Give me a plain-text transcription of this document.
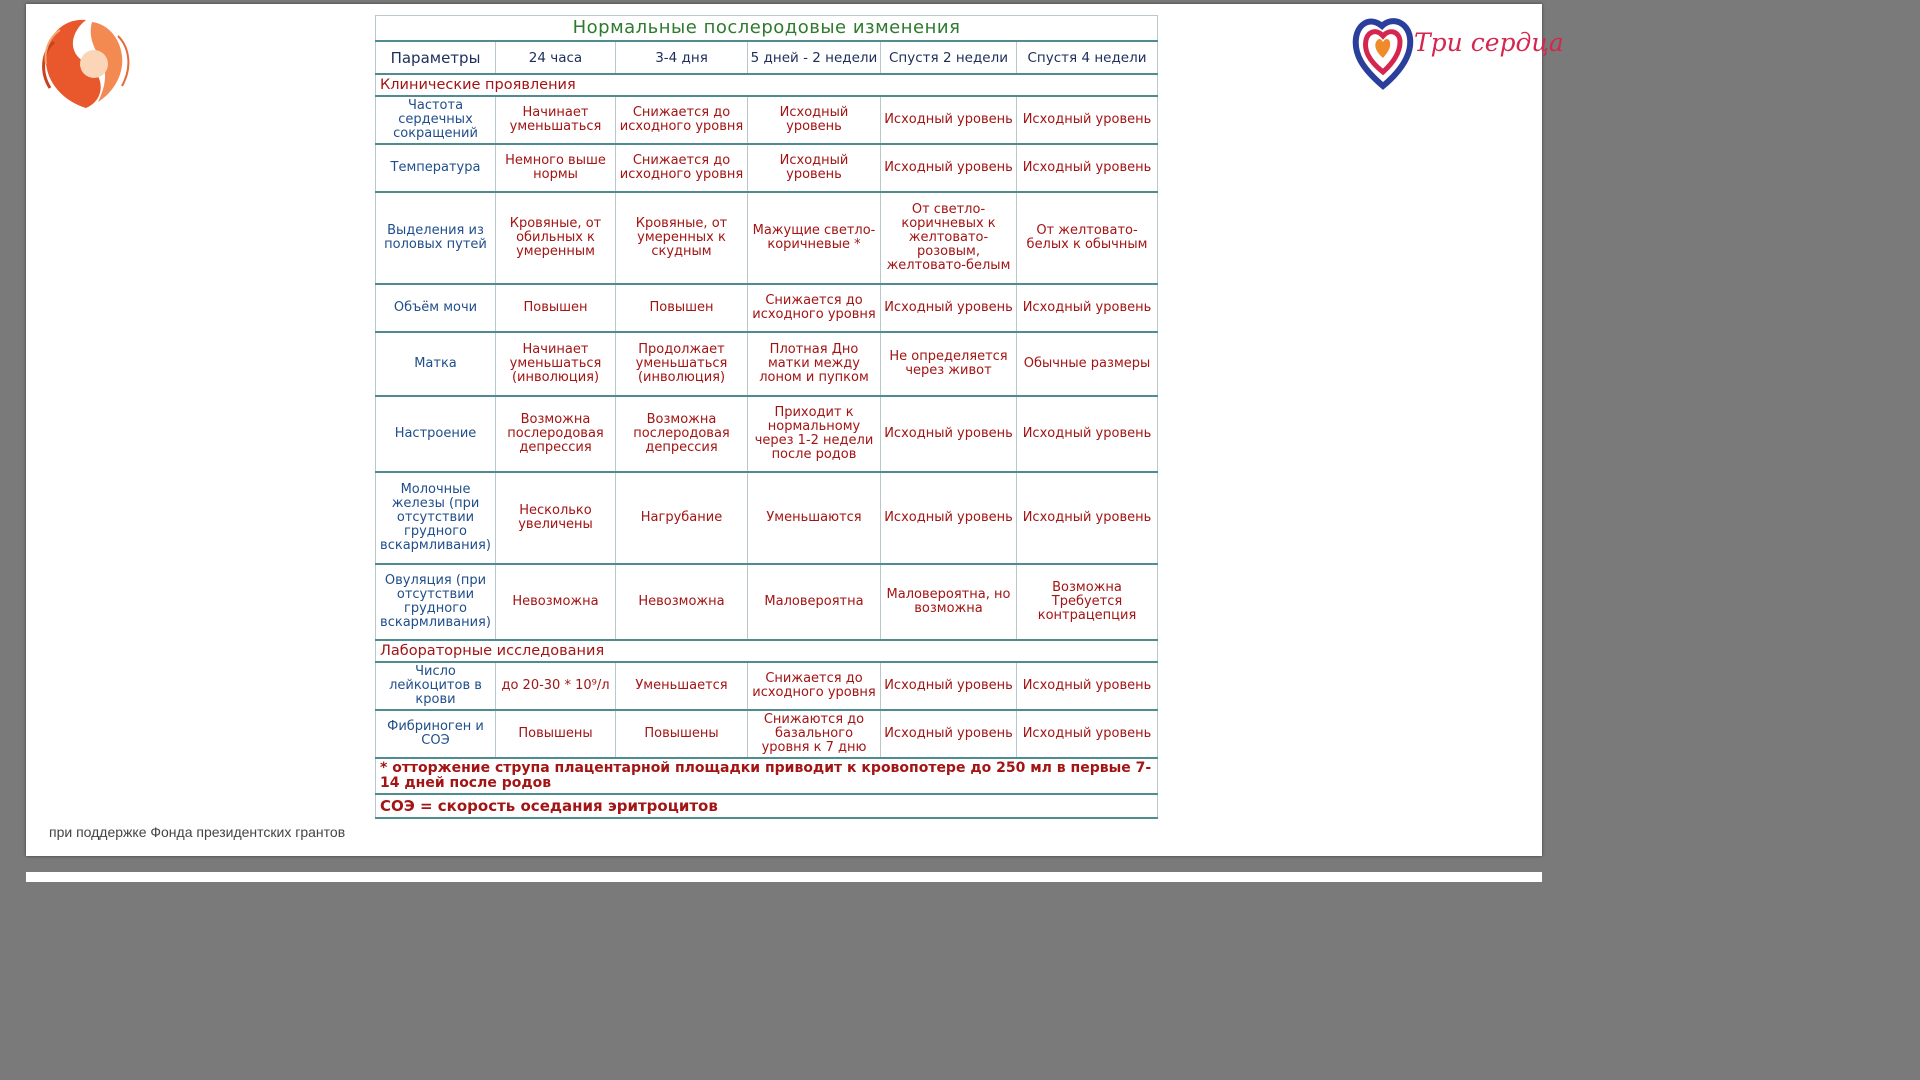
Три сердца
Нормальные послеродовые изменения					
Параметры	24 часа	3-4 дня	5 дней - 2 недели	Спустя 2 недели	Спустя 4 недели
Клинические проявления					
Частота сердечных сокращений	Начинает уменьшаться	Снижается до исходного уровня	Исходный уровень	Исходный уровень	Исходный уровень
Температура	Немного выше нормы	Снижается до исходного уровня	Исходный уровень	Исходный уровень	Исходный уровень
Выделения из половых путей	Кровяные, от обильных к умеренным	Кровяные, от умеренных к скудным	Мажущие светло-коричневые *	От светло-коричневых к желтовато-розовым, желтовато-белым	От желтовато-белых к обычным
Объём мочи	Повышен	Повышен	Снижается до исходного уровня	Исходный уровень	Исходный уровень
Матка	Начинает уменьшаться (инволюция)	Продолжает уменьшаться (инволюция)	Плотная Дно матки между лоном и пупком	Не определяется через живот	Обычные размеры
Настроение	Возможна послеродовая депрессия	Возможна послеродовая депрессия	Приходит к нормальному через 1-2 недели после родов	Исходный уровень	Исходный уровень
Молочные железы (при отсутствии грудного вскармливания)	Несколько увеличены	Нагрубание	Уменьшаются	Исходный уровень	Исходный уровень
Овуляция (при отсутствии грудного вскармливания)	Невозможна	Невозможна	Маловероятна	Маловероятна, но возможна	Возможна Требуется контрацепция
Лабораторные исследования					
Число лейкоцитов в крови	до 20-30 * 10⁹/л	Уменьшается	Снижается до исходного уровня	Исходный уровень	Исходный уровень
Фибриноген и СОЭ	Повышены	Повышены	Снижаются до базального уровня к 7 дню	Исходный уровень	Исходный уровень
* отторжение струпа плацентарной площадки приводит к кровопотере до 250 мл в первые 7-14 дней после родов					
СОЭ = скорость оседания эритроцитов					
при поддержке Фонда президентских грантов
